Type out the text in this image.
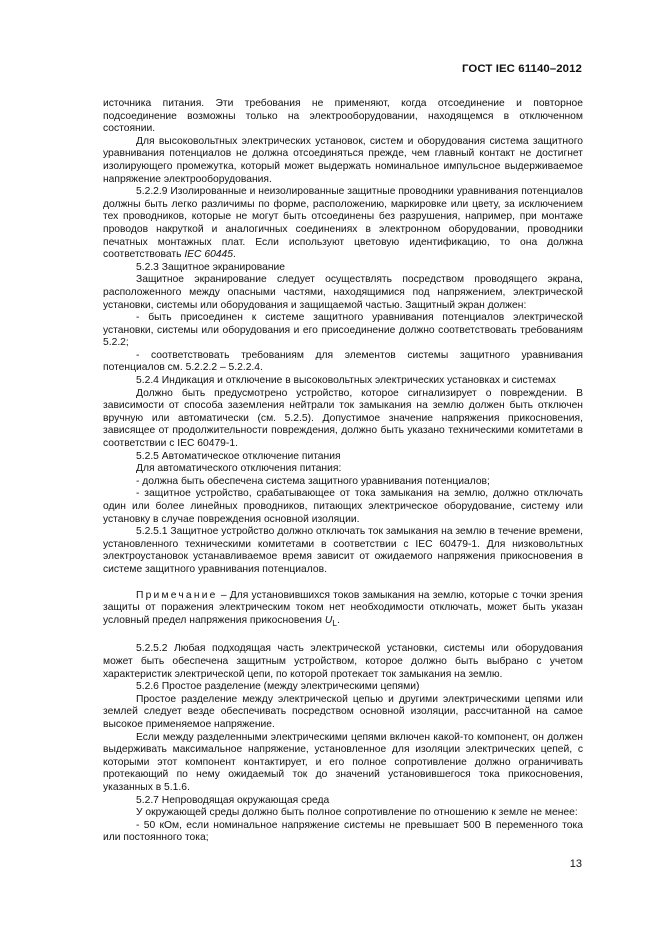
ГОСТ IEC 61140–2012

источника питания. Эти требования не применяют, когда отсоединение и повторное подсоединение возможны только на электрооборудовании, находящемся в отключенном состоянии.

Для высоковольтных электрических установок, систем и оборудования система защитного уравнивания потенциалов не должна отсоединяться прежде, чем главный контакт не достигнет изолирующего промежутка, который может выдержать номинальное импульсное выдерживаемое напряжение электрооборудования.

5.2.2.9 Изолированные и неизолированные защитные проводники уравнивания потенциалов должны быть легко различимы по форме, расположению, маркировке или цвету, за исключением тех проводников, которые не могут быть отсоединены без разрушения, например, при монтаже проводов накруткой и аналогичных соединениях в электронном оборудовании, проводники печатных монтажных плат. Если используют цветовую идентификацию, то она должна соответствовать IEC 60445.

5.2.3 Защитное экранирование

Защитное экранирование следует осуществлять посредством проводящего экрана, расположенного между опасными частями, находящимися под напряжением, электрической установки, системы или оборудования и защищаемой частью. Защитный экран должен:

- быть присоединен к системе защитного уравнивания потенциалов электрической установки, системы или оборудования и его присоединение должно соответствовать требованиям 5.2.2;

- соответствовать требованиям для элементов системы защитного уравнивания потенциалов см. 5.2.2.2 – 5.2.2.4.

5.2.4 Индикация и отключение в высоковольтных электрических установках и системах

Должно быть предусмотрено устройство, которое сигнализирует о повреждении. В зависимости от способа заземления нейтрали ток замыкания на землю должен быть отключен вручную или автоматически (см. 5.2.5). Допустимое значение напряжения прикосновения, зависящее от продолжительности повреждения, должно быть указано техническими комитетами в соответствии с IEC 60479-1.

5.2.5 Автоматическое отключение питания

Для автоматического отключения питания:

- должна быть обеспечена система защитного уравнивания потенциалов;

- защитное устройство, срабатывающее от тока замыкания на землю, должно отключать один или более линейных проводников, питающих электрическое оборудование, систему или установку в случае повреждения основной изоляции.

5.2.5.1 Защитное устройство должно отключать ток замыкания на землю в течение времени, установленного техническими комитетами в соответствии с IEC 60479-1. Для низковольтных электроустановок устанавливаемое время зависит от ожидаемого напряжения прикосновения в системе защитного уравнивания потенциалов.

Примечание – Для установившихся токов замыкания на землю, которые с точки зрения защиты от поражения электрическим током нет необходимости отключать, может быть указан условный предел напряжения прикосновения $U_L$.

5.2.5.2 Любая подходящая часть электрической установки, системы или оборудования может быть обеспечена защитным устройством, которое должно быть выбрано с учетом характеристик электрической цепи, по которой протекает ток замыкания на землю.

5.2.6 Простое разделение (между электрическими цепями)

Простое разделение между электрической цепью и другими электрическими цепями или землей следует везде обеспечивать посредством основной изоляции, рассчитанной на самое высокое применяемое напряжение.

Если между разделенными электрическими цепями включен какой-то компонент, он должен выдерживать максимальное напряжение, установленное для изоляции электрических цепей, с которыми этот компонент контактирует, и его полное сопротивление должно ограничивать протекающий по нему ожидаемый ток до значений установившегося тока прикосновения, указанных в 5.1.6.

5.2.7 Непроводящая окружающая среда

У окружающей среды должно быть полное сопротивление по отношению к земле не менее:

- 50 кОм, если номинальное напряжение системы не превышает 500 В переменного тока или постоянного тока;

13
